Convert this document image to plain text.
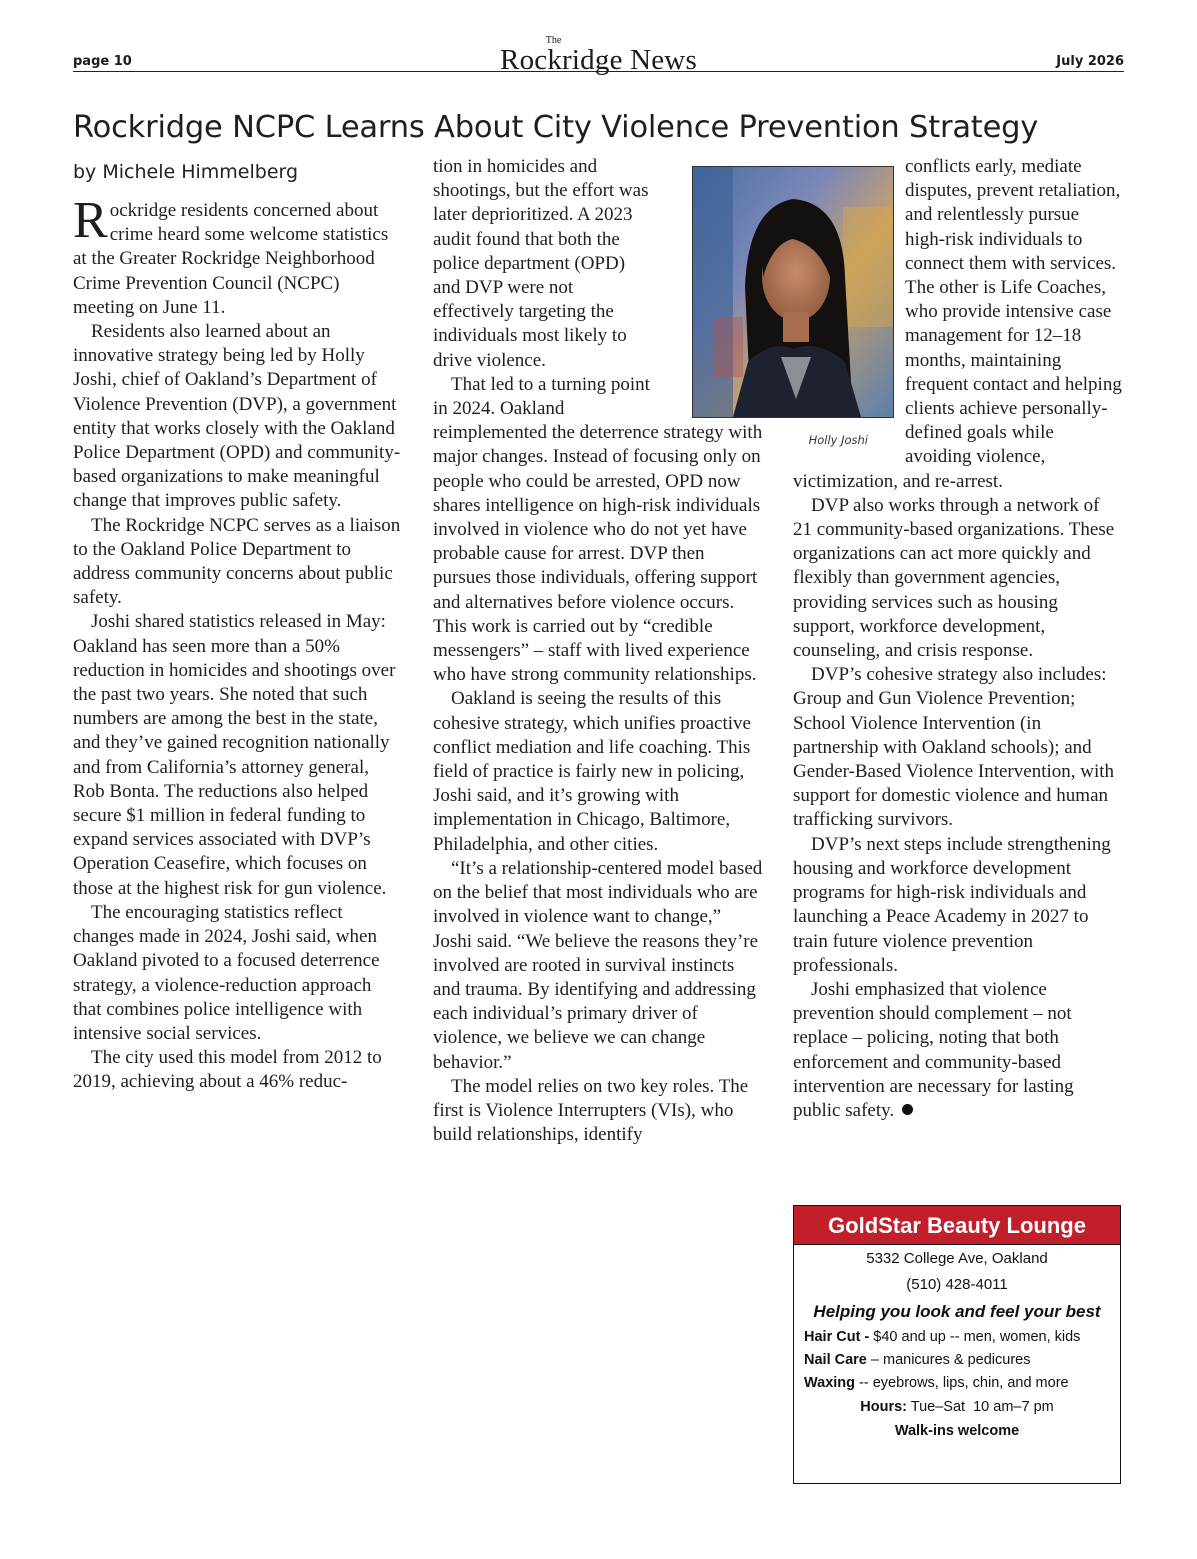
page 10
The
Rockridge News	July 2026
Rockridge NCPC Learns About City Violence Prevention Strategy
by Michele Himmelberg

Rockridge residents concerned about crime heard some welcome statistics at the Greater Rockridge Neighborhood Crime Prevention Council (NCPC) meeting on June 11.

Residents also learned about an innovative strategy being led by Holly Joshi, chief of Oakland’s Department of Violence Prevention (DVP), a government entity that works closely with the Oakland Police Department (OPD) and community-based organizations to make meaningful change that improves public safety.

The Rockridge NCPC serves as a liaison to the Oakland Police Department to address community concerns about public safety.

Joshi shared statistics released in May: Oakland has seen more than a 50% reduction in homicides and shootings over the past two years. She noted that such numbers are among the best in the state, and they’ve gained recognition nationally and from California’s attorney general, Rob Bonta. The reductions also helped secure $1 million in federal funding to expand services associated with DVP’s Operation Ceasefire, which focuses on those at the highest risk for gun violence.

The encouraging statistics reflect changes made in 2024, Joshi said, when Oakland pivoted to a focused deterrence strategy, a violence-reduction approach that combines police intelligence with intensive social services.

The city used this model from 2012 to 2019, achieving about a 46% reduc-

tion in homicides and shootings, but the effort was later deprioritized. A 2023 audit found that both the police department (OPD) and DVP were not effectively targeting the individuals most likely to drive violence.

That led to a turning point in 2024. Oakland reimplemented the deterrence strategy with major changes. Instead of focusing only on people who could be arrested, OPD now shares intelligence on high-risk individuals involved in violence who do not yet have probable cause for arrest. DVP then pursues those individuals, offering support and alternatives before violence occurs. This work is carried out by “credible messengers” – staff with lived experience who have strong community relationships.

Oakland is seeing the results of this cohesive strategy, which unifies proactive conflict mediation and life coaching. This field of practice is fairly new in policing, Joshi said, and it’s growing with implementation in Chicago, Baltimore, Philadelphia, and other cities.

“It’s a relationship-centered model based on the belief that most individuals who are involved in violence want to change,” Joshi said. “We believe the reasons they’re involved are rooted in survival instincts and trauma. By identifying and addressing each individual’s primary driver of violence, we believe we can change behavior.”

The model relies on two key roles. The first is Violence Interrupters (VIs), who build relationships, identify

conflicts early, mediate disputes, prevent retaliation, and relentlessly pursue high-risk individuals to connect them with services. The other is Life Coaches, who provide intensive case management for 12–18 months, maintaining frequent contact and helping clients achieve personally-defined goals while avoiding violence, victimization, and re-arrest.

DVP also works through a network of 21 community-based organizations. These organizations can act more quickly and flexibly than government agencies, providing services such as housing support, workforce development, counseling, and crisis response.

DVP’s cohesive strategy also includes: Group and Gun Violence Prevention; School Violence Intervention (in partnership with Oakland schools); and Gender-Based Violence Intervention, with support for domestic violence and human trafficking survivors.

DVP’s next steps include strengthening housing and workforce development programs for high-risk individuals and launching a Peace Academy in 2027 to train future violence prevention professionals.

Joshi emphasized that violence prevention should complement – not replace – policing, noting that both enforcement and community-based intervention are necessary for lasting public safety.

Holly Joshi
GoldStar Beauty Lounge
5332 College Ave, Oakland
(510) 428-4011
Helping you look and feel your best
Hair Cut - $40 and up -- men, women, kids
Nail Care – manicures & pedicures
Waxing -- eyebrows, lips, chin, and more
Hours: Tue–Sat  10 am–7 pm
Walk-ins welcome
